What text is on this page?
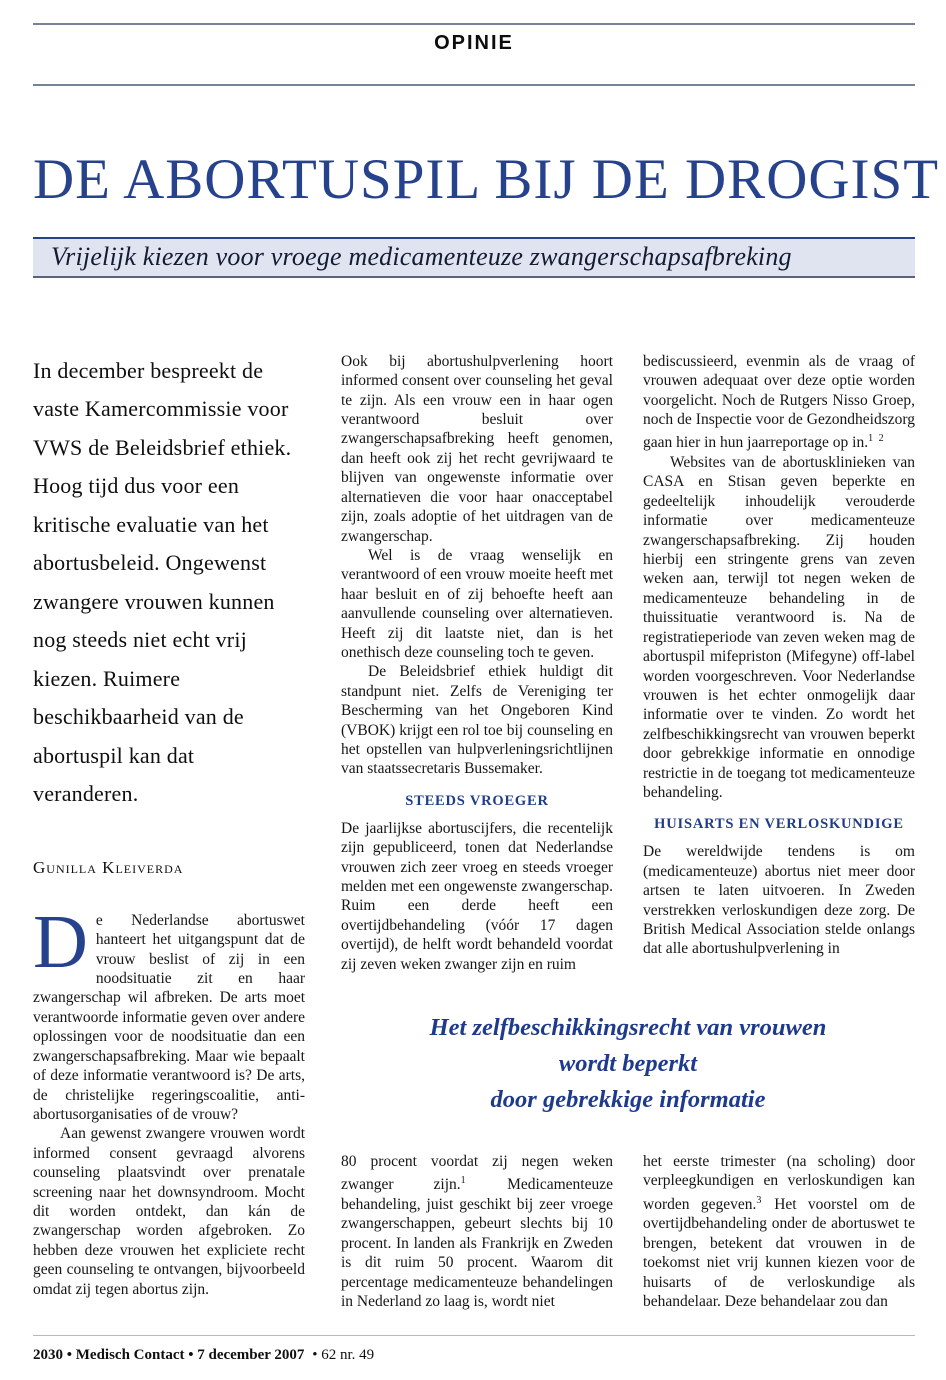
OPINIE
DE ABORTUSPIL BIJ DE DROGIST
Vrijelijk kiezen voor vroege medicamenteuze zwangerschapsafbreking
In december bespreekt de vaste Kamercommissie voor VWS de Beleidsbrief ethiek. Hoog tijd dus voor een kritische evaluatie van het abortusbeleid. Ongewenst zwangere vrouwen kunnen nog steeds niet echt vrij kiezen. Ruimere beschikbaarheid van de abortuspil kan dat veranderen.
Gunilla Kleiverda

De Nederlandse abortuswet hanteert het uitgangspunt dat de vrouw beslist of zij in een noodsituatie zit en haar zwangerschap wil afbreken. De arts moet verantwoorde informatie geven over andere oplossingen voor de noodsituatie dan een zwangerschapsafbreking. Maar wie bepaalt of deze informatie verantwoord is? De arts, de christelijke regeringscoalitie, anti-abortusorganisaties of de vrouw?

Aan gewenst zwangere vrouwen wordt informed consent gevraagd alvorens counseling plaatsvindt over prenatale screening naar het downsyndroom. Mocht dit worden ontdekt, dan kán de zwangerschap worden afgebroken. Zo hebben deze vrouwen het expliciete recht geen counseling te ontvangen, bijvoorbeeld omdat zij tegen abortus zijn.

Ook bij abortushulpverlening hoort informed consent over counseling het geval te zijn. Als een vrouw een in haar ogen verantwoord besluit over zwangerschapsafbreking heeft genomen, dan heeft ook zij het recht gevrijwaard te blijven van ongewenste informatie over alternatieven die voor haar onacceptabel zijn, zoals adoptie of het uitdragen van de zwangerschap.

Wel is de vraag wenselijk en verantwoord of een vrouw moeite heeft met haar besluit en of zij behoefte heeft aan aanvullende counseling over alternatieven. Heeft zij dit laatste niet, dan is het onethisch deze counseling toch te geven.

De Beleidsbrief ethiek huldigt dit standpunt niet. Zelfs de Vereniging ter Bescherming van het Ongeboren Kind (VBOK) krijgt een rol toe bij counseling en het opstellen van hulpverleningsrichtlijnen van staatssecretaris Bussemaker.

STEEDS VROEGER

De jaarlijkse abortuscijfers, die recentelijk zijn gepubliceerd, tonen dat Nederlandse vrouwen zich zeer vroeg en steeds vroeger melden met een ongewenste zwangerschap. Ruim een derde heeft een overtijdbehandeling (vóór 17 dagen overtijd), de helft wordt behandeld voordat zij zeven weken zwanger zijn en ruim

bediscussieerd, evenmin als de vraag of vrouwen adequaat over deze optie worden voorgelicht. Noch de Rutgers Nisso Groep, noch de Inspectie voor de Gezondheidszorg gaan hier in hun jaarreportage op in.$^{1 2}$

Websites van de abortusklinieken van CASA en Stisan geven beperkte en gedeeltelijk inhoudelijk verouderde informatie over medicamenteuze zwangerschapsafbreking. Zij houden hierbij een stringente grens van zeven weken aan, terwijl tot negen weken de medicamenteuze behandeling in de thuissituatie verantwoord is. Na de registratieperiode van zeven weken mag de abortuspil mifepriston (Mifegyne) off-label worden voorgeschreven. Voor Nederlandse vrouwen is het echter onmogelijk daar informatie over te vinden. Zo wordt het zelfbeschikkingsrecht van vrouwen beperkt door gebrekkige informatie en onnodige restrictie in de toegang tot medicamenteuze behandeling.

HUISARTS EN VERLOSKUNDIGE

De wereldwijde tendens is om (medicamenteuze) abortus niet meer door artsen te laten uitvoeren. In Zweden verstrekken verloskundigen deze zorg. De British Medical Association stelde onlangs dat alle abortushulpverlening in

Het zelfbeschikkingsrecht van vrouwen
wordt beperkt
door gebrekkige informatie

80 procent voordat zij negen weken zwanger zijn.$^1$ Medicamenteuze behandeling, juist geschikt bij zeer vroege zwangerschappen, gebeurt slechts bij 10 procent. In landen als Frankrijk en Zweden is dit ruim 50 procent. Waarom dit percentage medicamenteuze behandelingen in Nederland zo laag is, wordt niet

het eerste trimester (na scholing) door verpleegkundigen en verloskundigen kan worden gegeven.$^3$ Het voorstel om de overtijdbehandeling onder de abortuswet te brengen, betekent dat vrouwen in de toekomst niet vrij kunnen kiezen voor de huisarts of de verloskundige als behandelaar. Deze behandelaar zou dan

2030 • Medisch Contact • 7 december 2007 • 62 nr. 49
